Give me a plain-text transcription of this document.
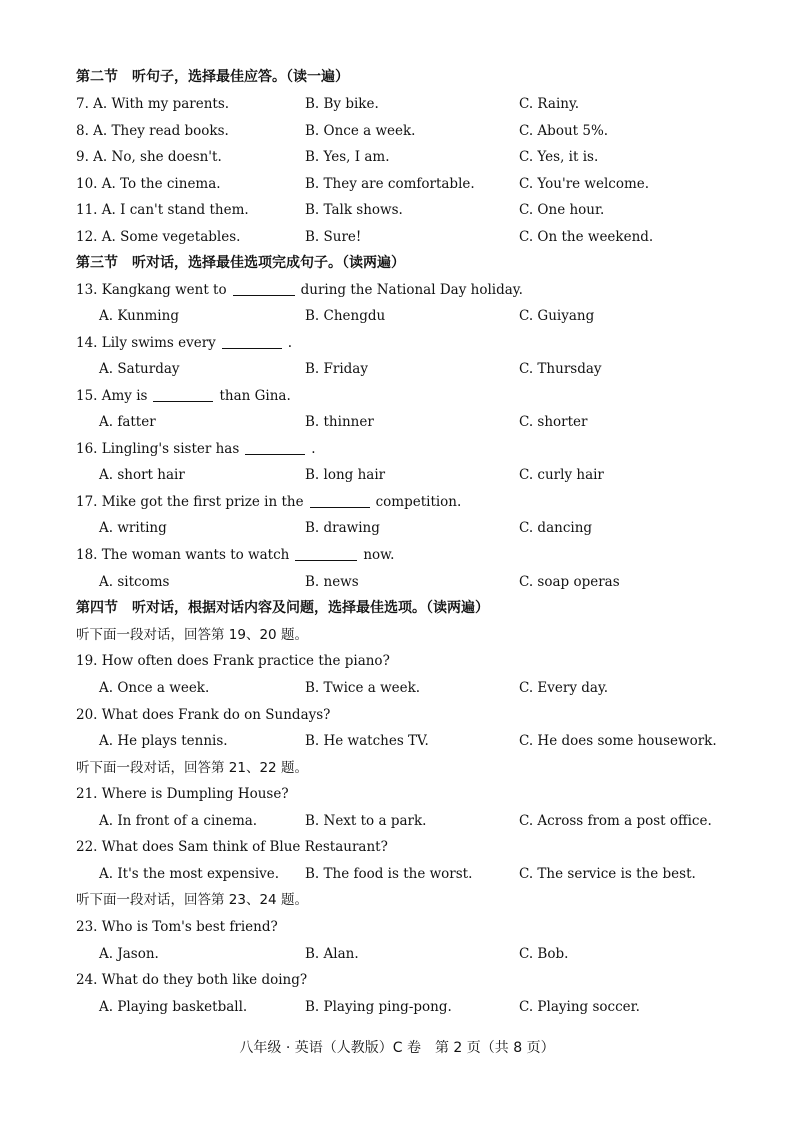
第二节　听句子，选择最佳应答。（读一遍）
7. A. With my parents.	B. By bike.	C. Rainy.
8. A. They read books.	B. Once a week.	C. About 5%.
9. A. No, she doesn't.	B. Yes, I am.	C. Yes, it is.
10. A. To the cinema.	B. They are comfortable.	C. You're welcome.
11. A. I can't stand them.	B. Talk shows.	C. One hour.
12. A. Some vegetables.	B. Sure!	C. On the weekend.
第三节　听对话，选择最佳选项完成句子。（读两遍）
13. Kangkang went to	during the National Day holiday.
A. Kunming	B. Chengdu	C. Guiyang
14. Lily swims every	.
A. Saturday	B. Friday	C. Thursday
15. Amy is	than Gina.
A. fatter	B. thinner	C. shorter
16. Lingling's sister has	.
A. short hair	B. long hair	C. curly hair
17. Mike got the first prize in the	competition.
A. writing	B. drawing	C. dancing
18. The woman wants to watch	now.
A. sitcoms	B. news	C. soap operas
第四节　听对话，根据对话内容及问题，选择最佳选项。（读两遍）
听下面一段对话，回答第 19、20 题。
19. How often does Frank practice the piano?
A. Once a week.	B. Twice a week.	C. Every day.
20. What does Frank do on Sundays?
A. He plays tennis.	B. He watches TV.	C. He does some housework.
听下面一段对话，回答第 21、22 题。
21. Where is Dumpling House?
A. In front of a cinema.	B. Next to a park.	C. Across from a post office.
22. What does Sam think of Blue Restaurant?
A. It's the most expensive. B. The food is the worst.	C. The service is the best.
听下面一段对话，回答第 23、24 题。
23. Who is Tom's best friend?
A. Jason.	B. Alan.	C. Bob.
24. What do they both like doing?
A. Playing basketball.	B. Playing ping-pong.	C. Playing soccer.
八年级 · 英语（人教版）C 卷　第 2 页（共 8 页）
